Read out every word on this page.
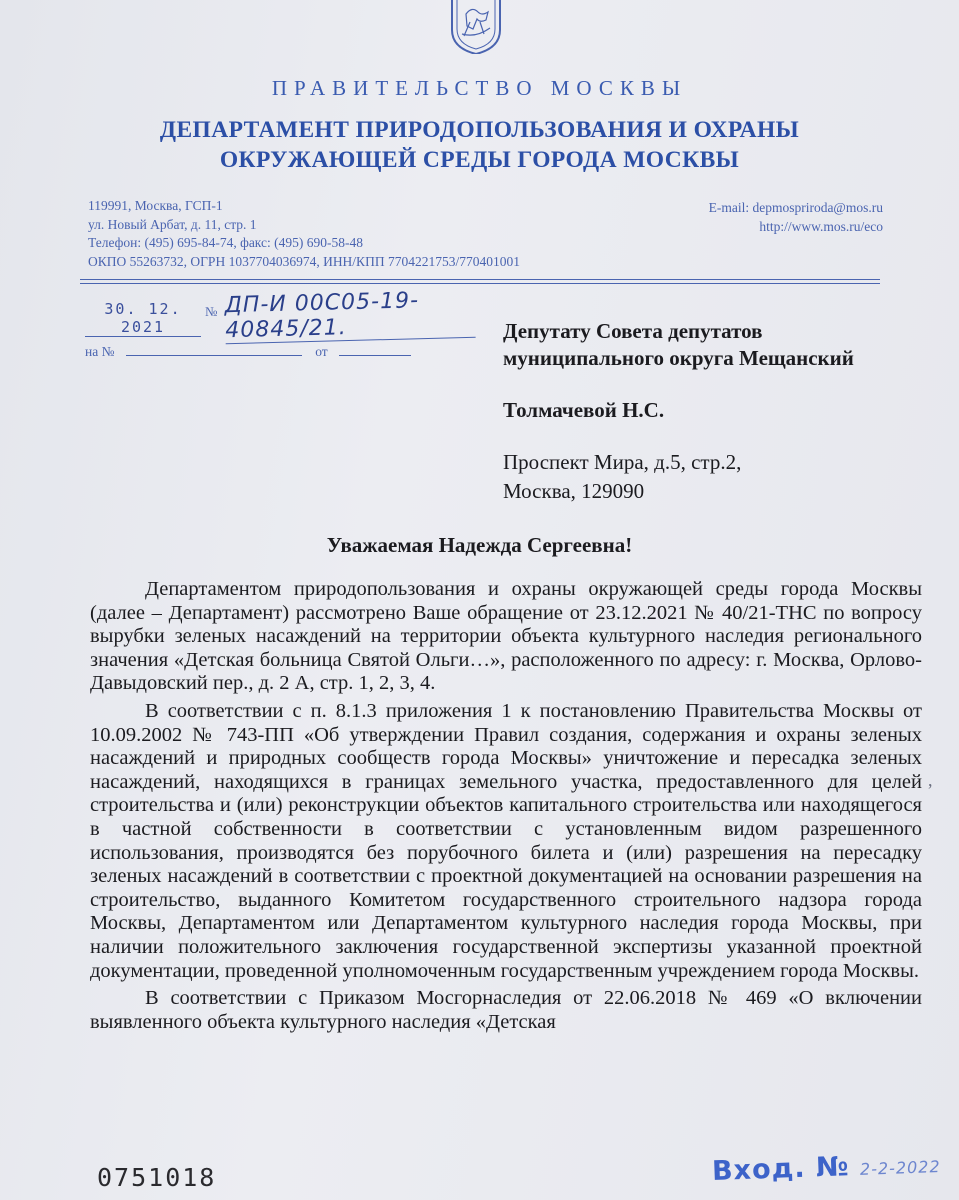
ПРАВИТЕЛЬСТВО МОСКВЫ
ДЕПАРТАМЕНТ ПРИРОДОПОЛЬЗОВАНИЯ И ОХРАНЫ
ОКРУЖАЮЩЕЙ СРЕДЫ ГОРОДА МОСКВЫ
119991, Москва, ГСП-1
ул. Новый Арбат, д. 11, стр. 1
Телефон: (495) 695-84-74, факс: (495) 690-58-48
ОКПО 55263732, ОГРН 1037704036974, ИНН/КПП 7704221753/770401001
E-mail: depmospriroda@mos.ru
http://www.mos.ru/eco
30. 12. 2021
№ ДП-И 00С05-19-40845/21.
на №	от
Депутату Совета депутатов
муниципального округа Мещанский
Толмачевой Н.С.
Проспект Мира, д.5, стр.2,
Москва, 129090
Уважаемая Надежда Сергеевна!

Департаментом природопользования и охраны окружающей среды города Москвы (далее – Департамент) рассмотрено Ваше обращение от 23.12.2021 № 40/21-ТНС по вопросу вырубки зеленых насаждений на территории объекта культурного наследия регионального значения «Детская больница Святой Ольги…», расположенного по адресу: г. Москва, Орлово-Давыдовский пер., д. 2 А, стр. 1, 2, 3, 4.

В соответствии с п. 8.1.3 приложения 1 к постановлению Правительства Москвы от 10.09.2002 № 743-ПП «Об утверждении Правил создания, содержания и охраны зеленых насаждений и природных сообществ города Москвы» уничтожение и пересадка зеленых насаждений, находящихся в границах земельного участка, предоставленного для целей строительства и (или) реконструкции объектов капитального строительства или находящегося в частной собственности в соответствии с установленным видом разрешенного использования, производятся без порубочного билета и (или) разрешения на пересадку зеленых насаждений в соответствии с проектной документацией на основании разрешения на строительство, выданного Комитетом государственного строительного надзора города Москвы, Департаментом или Департаментом культурного наследия города Москвы, при наличии положительного заключения государственной экспертизы указанной проектной документации, проведенной уполномоченным государственным учреждением города Москвы.

В соответствии с Приказом Мосгорнаследия от 22.06.2018 № 469 «О включении выявленного объекта культурного наследия «Детская

,
0751018	Вход. № 2-2-2022
